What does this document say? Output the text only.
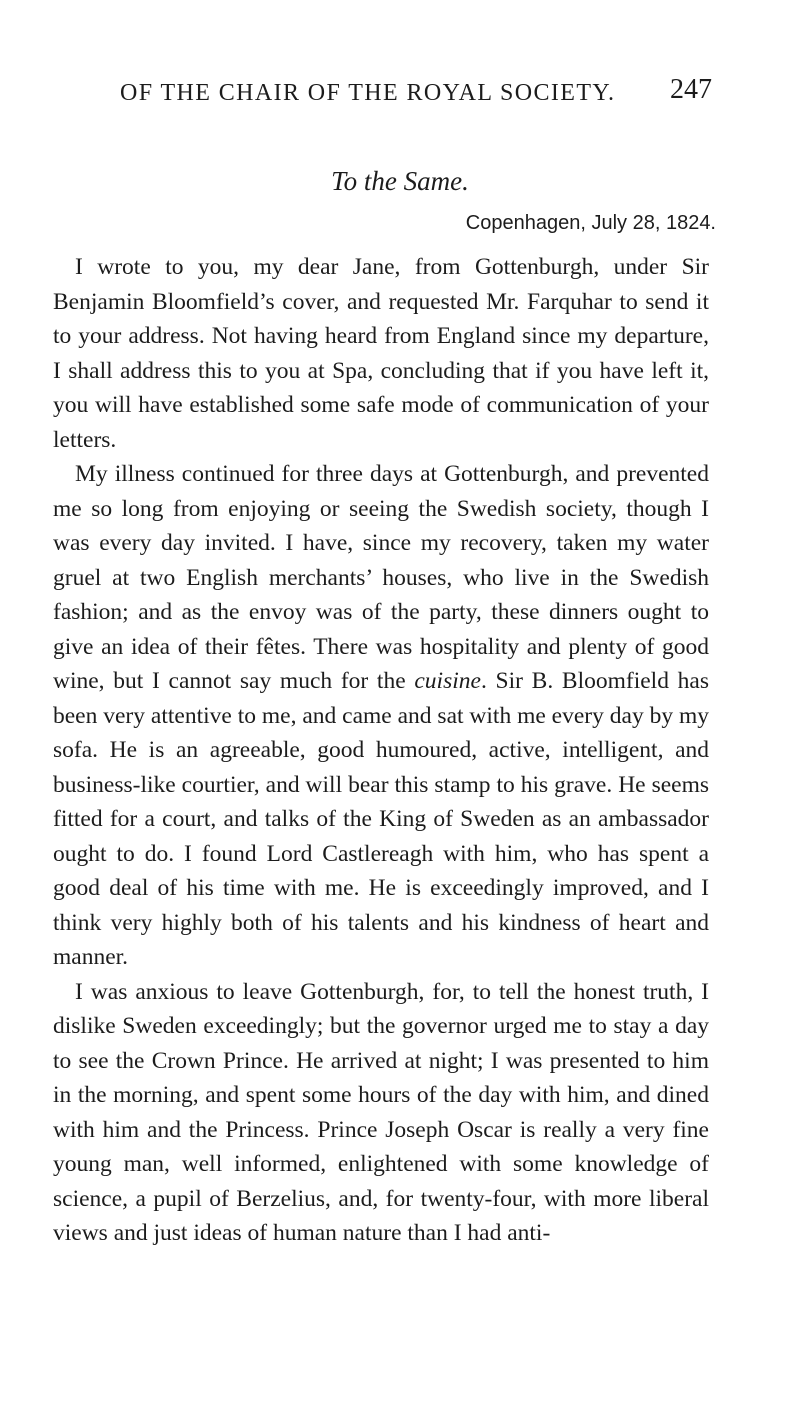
OF THE CHAIR OF THE ROYAL SOCIETY. 247
To the Same.
Copenhagen, July 28, 1824.

I wrote to you, my dear Jane, from Gottenburgh, under Sir Benjamin Bloomfield’s cover, and requested Mr. Farquhar to send it to your address. Not having heard from England since my departure, I shall address this to you at Spa, concluding that if you have left it, you will have established some safe mode of communication of your letters.

My illness continued for three days at Gottenburgh, and prevented me so long from enjoying or seeing the Swedish society, though I was every day invited. I have, since my recovery, taken my water gruel at two English merchants’ houses, who live in the Swedish fashion; and as the envoy was of the party, these dinners ought to give an idea of their fêtes. There was hospitality and plenty of good wine, but I cannot say much for the cuisine. Sir B. Bloomfield has been very attentive to me, and came and sat with me every day by my sofa. He is an agreeable, good humoured, active, intelligent, and business-like courtier, and will bear this stamp to his grave. He seems fitted for a court, and talks of the King of Sweden as an ambassador ought to do. I found Lord Castlereagh with him, who has spent a good deal of his time with me. He is exceedingly improved, and I think very highly both of his talents and his kindness of heart and manner.

I was anxious to leave Gottenburgh, for, to tell the honest truth, I dislike Sweden exceedingly; but the governor urged me to stay a day to see the Crown Prince. He arrived at night; I was presented to him in the morning, and spent some hours of the day with him, and dined with him and the Princess. Prince Joseph Oscar is really a very fine young man, well informed, enlightened with some knowledge of science, a pupil of Berzelius, and, for twenty-four, with more liberal views and just ideas of human nature than I had anti-
